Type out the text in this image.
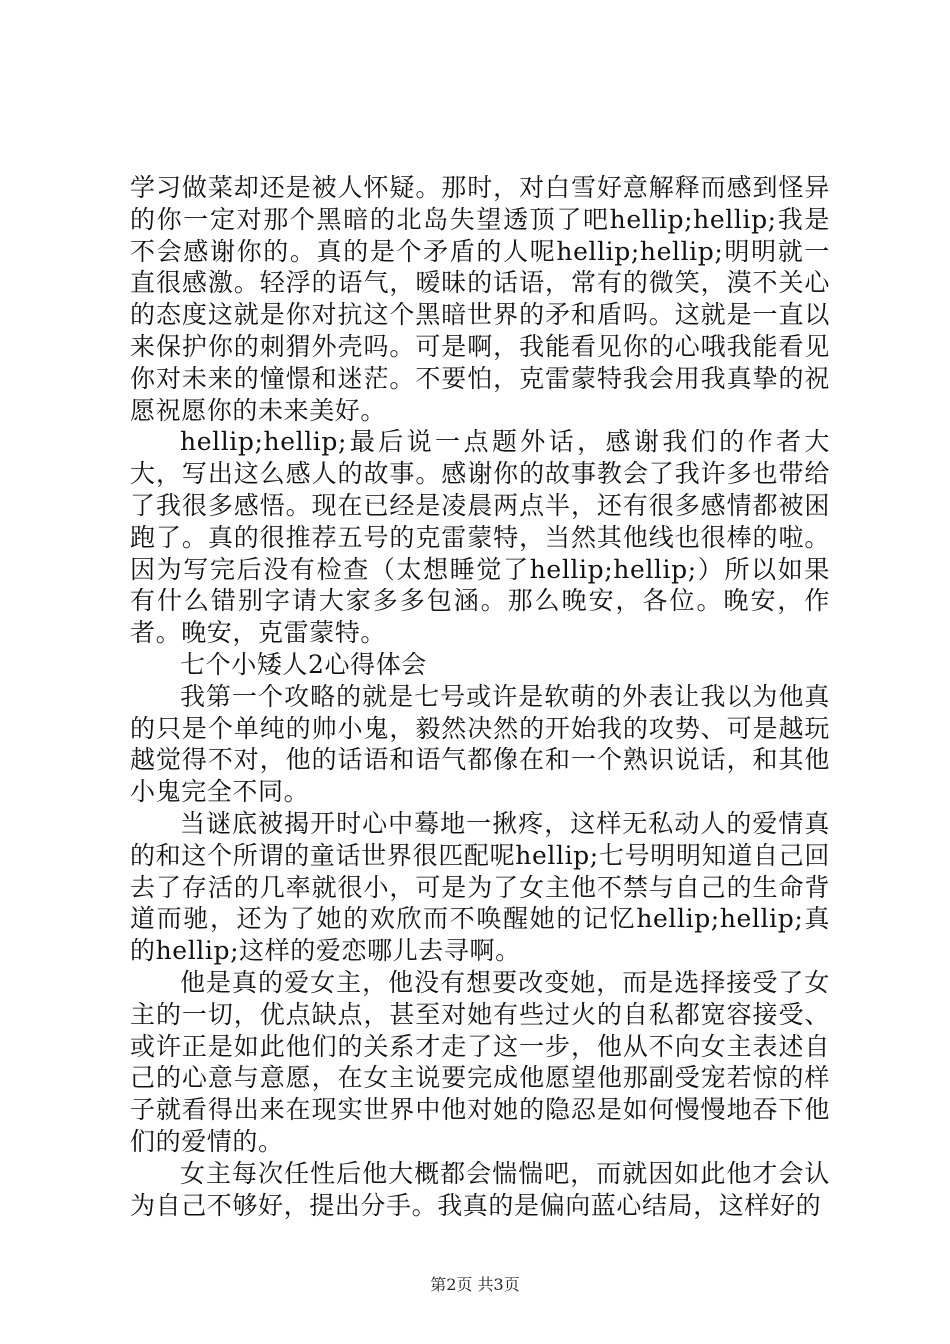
学习做菜却还是被人怀疑。那时，对白雪好意解释而感到怪异的你一定对那个黑暗的北岛失望透顶了吧hellip;hellip;我是不会感谢你的。真的是个矛盾的人呢hellip;hellip;明明就一直很感激。轻浮的语气，暧昧的话语，常有的微笑，漠不关心的态度这就是你对抗这个黑暗世界的矛和盾吗。这就是一直以来保护你的刺猬外壳吗。可是啊，我能看见你的心哦我能看见你对未来的憧憬和迷茫。不要怕，克雷蒙特我会用我真挚的祝愿祝愿你的未来美好。

hellip;hellip;最后说一点题外话，感谢我们的作者大大，写出这么感人的故事。感谢你的故事教会了我许多也带给了我很多感悟。现在已经是凌晨两点半，还有很多感情都被困跑了。真的很推荐五号的克雷蒙特，当然其他线也很棒的啦。因为写完后没有检查（太想睡觉了hellip;hellip;）所以如果有什么错别字请大家多多包涵。那么晚安，各位。晚安，作者。晚安，克雷蒙特。

七个小矮人2心得体会

我第一个攻略的就是七号或许是软萌的外表让我以为他真的只是个单纯的帅小鬼，毅然决然的开始我的攻势、可是越玩越觉得不对，他的话语和语气都像在和一个熟识说话，和其他小鬼完全不同。

当谜底被揭开时心中蓦地一揪疼，这样无私动人的爱情真的和这个所谓的童话世界很匹配呢hellip;七号明明知道自己回去了存活的几率就很小，可是为了女主他不禁与自己的生命背道而驰，还为了她的欢欣而不唤醒她的记忆hellip;hellip;真的hellip;这样的爱恋哪儿去寻啊。

他是真的爱女主，他没有想要改变她，而是选择接受了女主的一切，优点缺点，甚至对她有些过火的自私都宽容接受、或许正是如此他们的关系才走了这一步，他从不向女主表述自己的心意与意愿，在女主说要完成他愿望他那副受宠若惊的样子就看得出来在现实世界中他对她的隐忍是如何慢慢地吞下他们的爱情的。

女主每次任性后他大概都会惴惴吧，而就因如此他才会认为自己不够好，提出分手。我真的是偏向蓝心结局，这样好的

第2页 共3页
